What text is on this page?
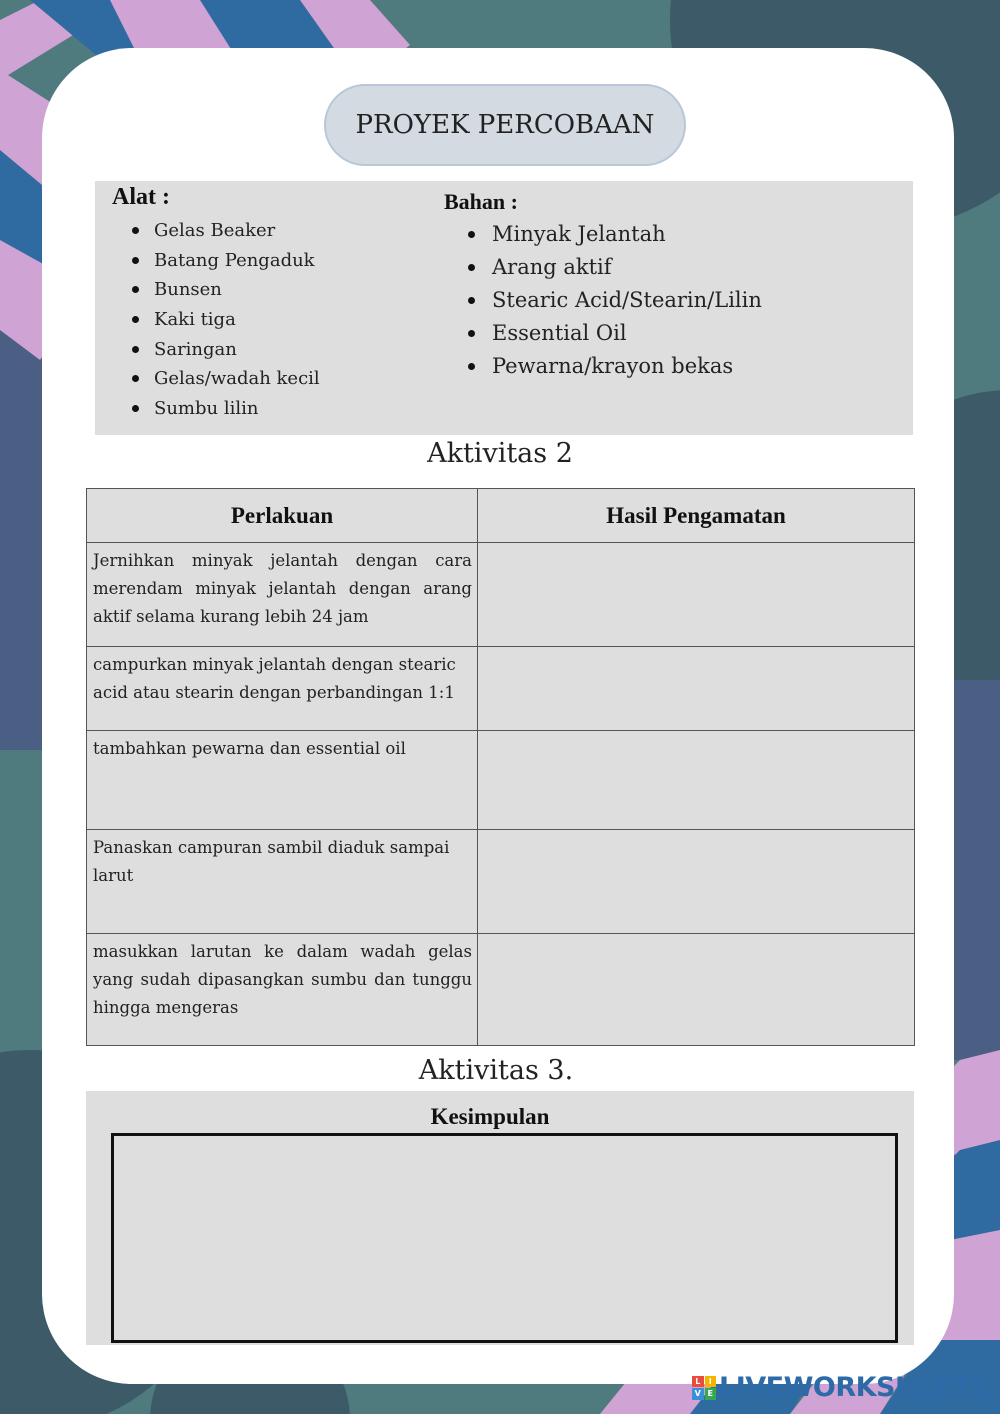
PROYEK PERCOBAAN
Alat :
Gelas Beaker
Batang Pengaduk
Bunsen
Kaki tiga
Saringan
Gelas/wadah kecil
Sumbu lilin
Bahan :
Minyak Jelantah
Arang aktif
Stearic Acid/Stearin/Lilin
Essential Oil
Pewarna/krayon bekas
Aktivitas 2
Perlakuan	Hasil Pengamatan
Jernihkan minyak jelantah dengan cara merendam minyak jelantah dengan arang aktif selama kurang lebih 24 jam	
campurkan minyak jelantah dengan stearic acid atau stearin dengan perbandingan 1:1	
tambahkan pewarna dan essential oil	
Panaskan campuran sambil diaduk sampai larut	
masukkan larutan ke dalam wadah gelas yang sudah dipasangkan sumbu dan tunggu hingga mengeras	
Aktivitas 3.
Kesimpulan
L	I
V E LIVEWORKSHEETS
